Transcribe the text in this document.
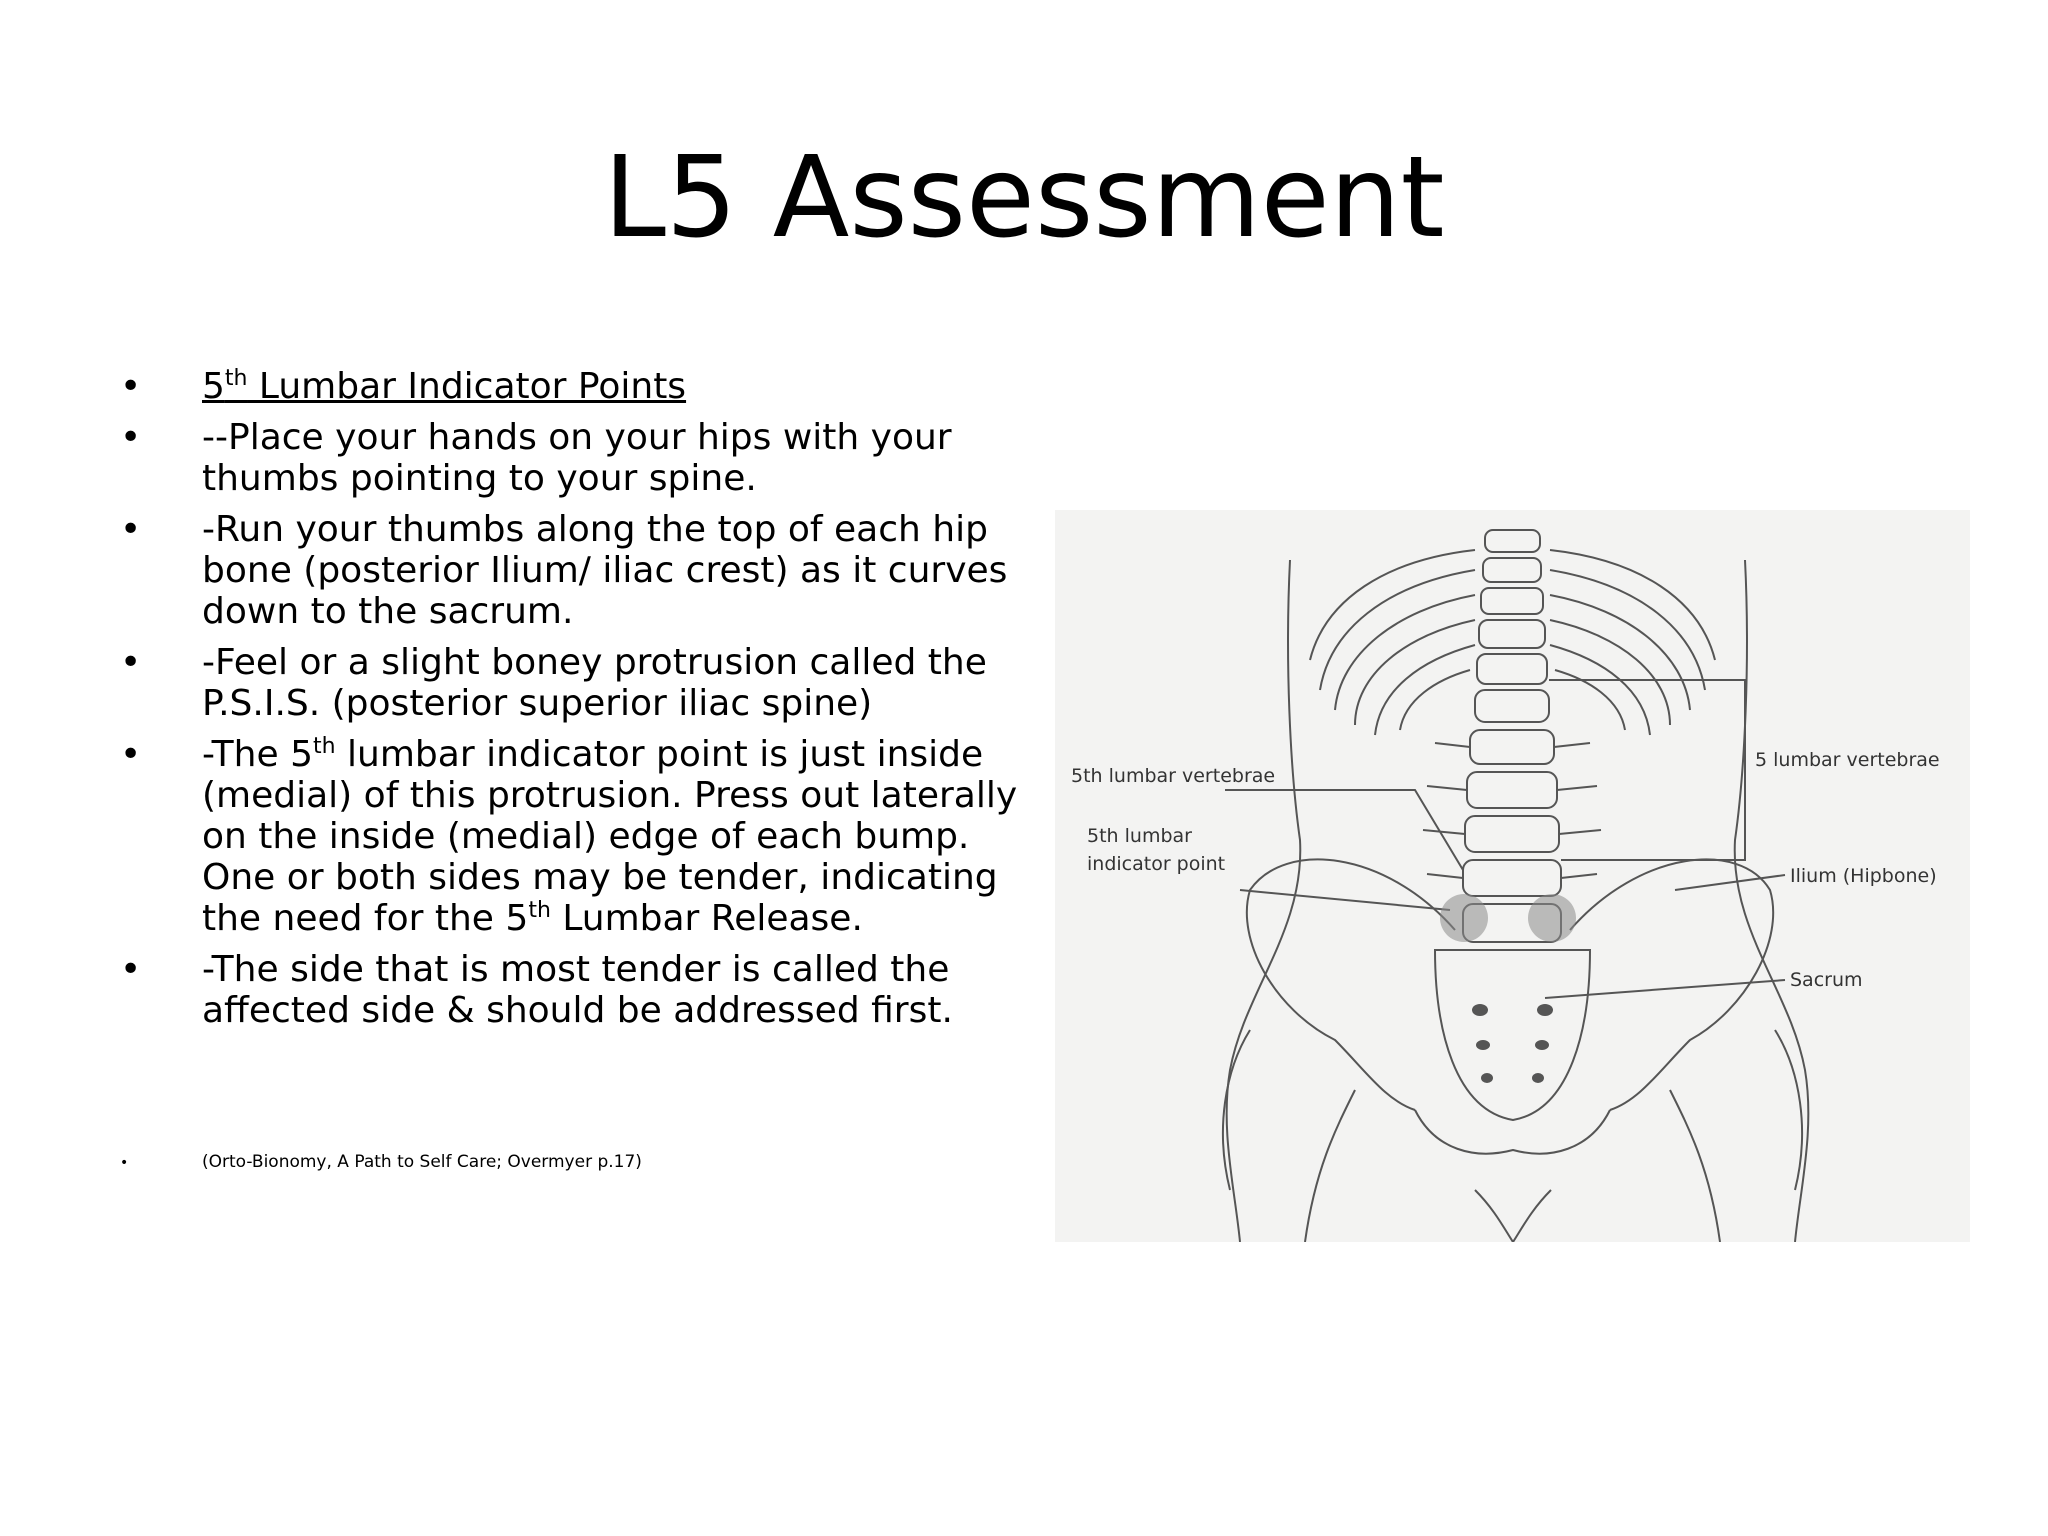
L5 Assessment
• 5th Lumbar Indicator Points
• --Place your hands on your hips with your thumbs pointing to your spine.
• -Run your thumbs along the top of each hip bone (posterior Ilium/ iliac crest) as it curves down to the sacrum.
• -Feel or a slight boney protrusion called the P.S.I.S. (posterior superior iliac spine)
• -The 5th lumbar indicator point is just inside (medial) of this protrusion. Press out laterally on the inside (medial) edge of each bump. One or both sides may be tender, indicating the need for the 5th Lumbar Release.
• -The side that is most tender is called the affected side & should be addressed first.
•	(Orto-Bionomy, A Path to Self Care; Overmyer p.17)
5th lumbar vertebrae
5th lumbar
indicator point
5 lumbar vertebrae
Ilium (Hipbone)
Sacrum
